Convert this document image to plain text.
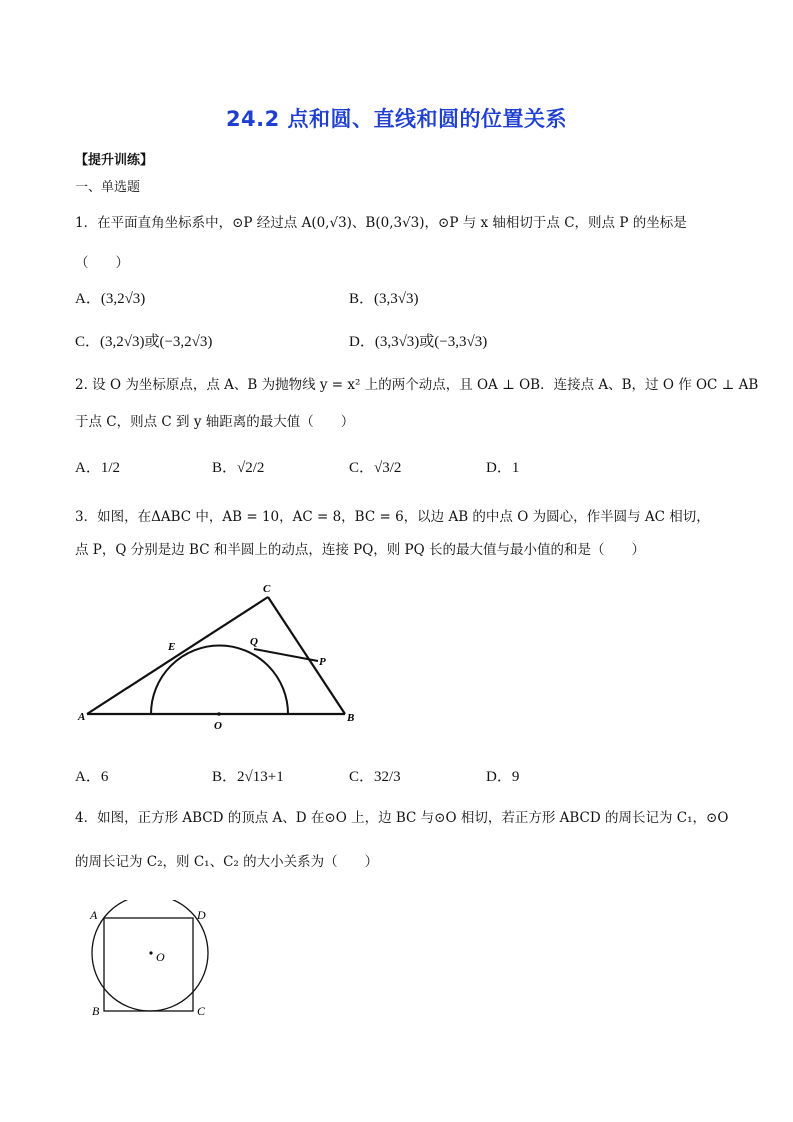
24.2 点和圆、直线和圆的位置关系
【提升训练】
一、单选题
1．在平面直角坐标系中，⊙P 经过点 A(0,√3)、B(0,3√3)，⊙P 与 x 轴相切于点 C，则点 P 的坐标是
（　　）
A．(3,2√3)	B．(3,3√3)
C．(3,2√3)或(−3,2√3)	D．(3,3√3)或(−3,3√3)
2. 设 O 为坐标原点，点 A、B 为抛物线 y = x² 上的两个动点，且 OA ⊥ OB．连接点 A、B，过 O 作 OC ⊥ AB
于点 C，则点 C 到 y 轴距离的最大值（　　）
A．1/2	B．√2/2	C．√3/2	D．1
3．如图，在ΔABC 中，AB = 10，AC = 8，BC = 6，以边 AB 的中点 O 为圆心，作半圆与 AC 相切，
点 P，Q 分别是边 BC 和半圆上的动点，连接 PQ，则 PQ 长的最大值与最小值的和是（　　）
A	B
C
E	Q
P
O
A．6	B．2√13+1	C．32/3	D．9
4．如图，正方形 ABCD 的顶点 A、D 在⊙O 上，边 BC 与⊙O 相切，若正方形 ABCD 的周长记为 C₁，⊙O
的周长记为 C₂，则 C₁、C₂ 的大小关系为（　　）
A	D
B	C
O
